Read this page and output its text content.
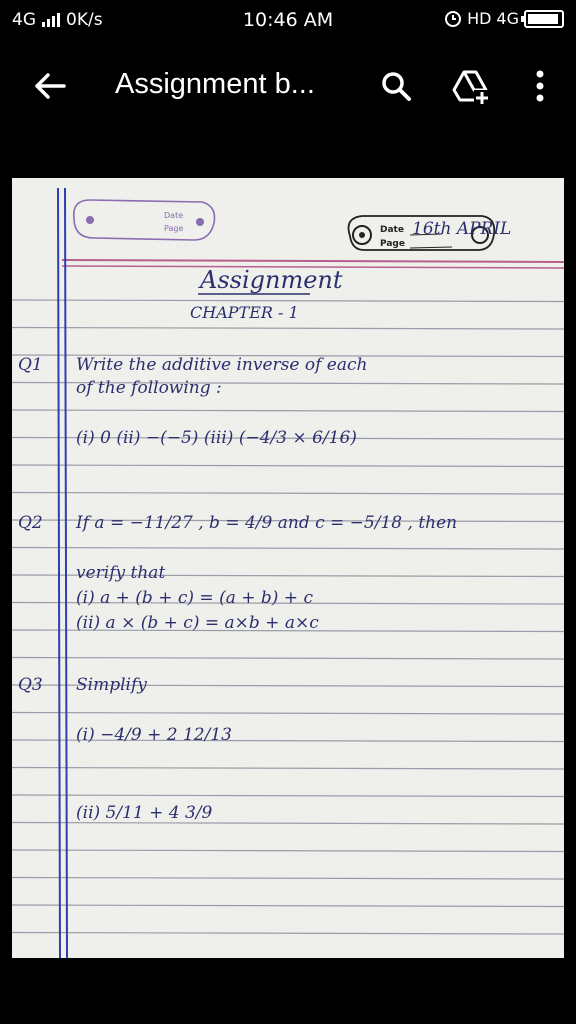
4G 0K/s	10:46 AM	HD 4G
Assignment b...
Date
Page	Date
Page
16th APRIL
Assignment
CHAPTER - 1
Q1 Write the additive inverse of each
of the following :
(i) 0 (ii) −(−5) (iii) (−4/3 × 6/16)
Q2 If a = −11/27 , b = 4/9 and c = −5/18 , then
verify that
(i) a + (b + c) = (a + b) + c
(ii) a × (b + c) = a×b + a×c
Q3 Simplify
(i) −4/9 + 2 12/13
(ii) 5/11 + 4 3/9
